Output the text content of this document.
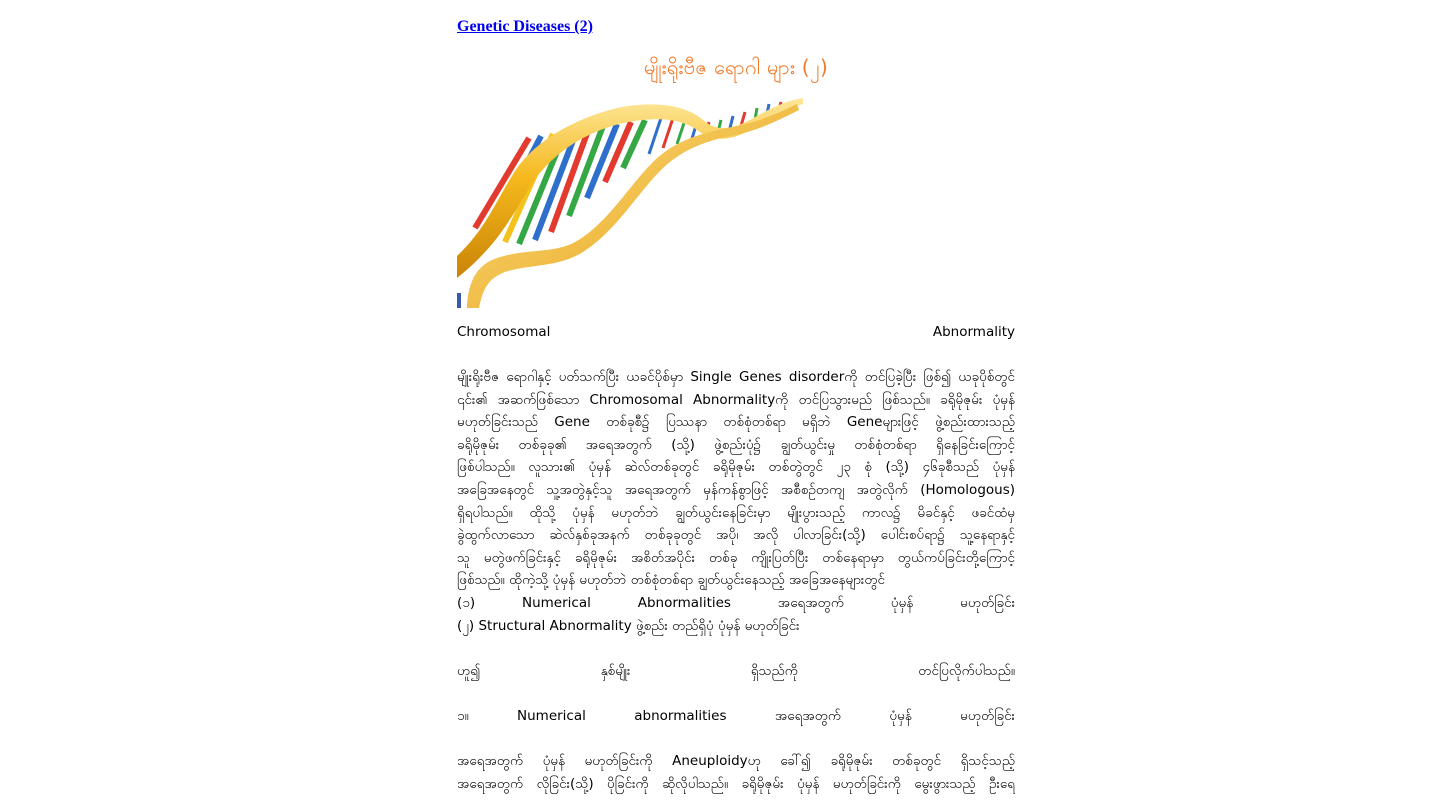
Genetic Diseases (2)
မျိုးရိုးဗီဇ ရောဂါ များ (၂)
Chromosomal	Abnormality
မျိုးရိုးဗီဇ ရောဂါနှင့် ပတ်သက်ပြီး ယခင်ပိုစ်မှာ Single Genes disorderကို တင်ပြခဲ့ပြီး ဖြစ်၍ ယခုပိုစ်တွင်
၎င်း၏ အဆက်ဖြစ်သော Chromosomal Abnormalityကို တင်ပြသွားမည် ဖြစ်သည်။ ခရိုမိုဇုမ်း ပုံမှန်
မဟုတ်ခြင်းသည် Gene တစ်ခုစီ၌ ပြဿနာ တစ်စုံတစ်ရာ မရှိဘဲ Geneများဖြင့် ဖွဲ့စည်းထားသည့်
ခရိုမိုဇုမ်း တစ်ခုခု၏ အရေအတွက် (သို့) ဖွဲ့စည်းပုံ၌ ချွတ်ယွင်းမှု တစ်စုံတစ်ရာ ရှိနေခြင်းကြောင့်
ဖြစ်ပါသည်။ လူသား၏ ပုံမှန် ဆဲလ်တစ်ခုတွင် ခရိုမိုဇုမ်း တစ်တွဲတွင် ၂၃ စုံ (သို့) ၄၆ခုစီသည် ပုံမှန်
အခြေအနေတွင် သူ့အတွဲနှင့်သူ အရေအတွက် မှန်ကန်စွာဖြင့် အစီစဉ်တကျ အတွဲလိုက် (Homologous)
ရှိရပါသည်။ ထိုသို့ ပုံမှန် မဟုတ်ဘဲ ချွတ်ယွင်းနေခြင်းမှာ မျိုးပွားသည့် ကာလ၌ မိခင်နှင့် ဖခင်ထံမှ
ခွဲထွက်လာသော ဆဲလ်နှစ်ခုအနက် တစ်ခုခုတွင် အပို၊ အလို ပါလာခြင်း(သို့) ပေါင်းစပ်ရာ၌ သူ့နေရာနှင့်
သူ မတွဲဖက်ခြင်းနှင့် ခရိုမိုဇုမ်း အစိတ်အပိုင်း တစ်ခု ကျိုးပြတ်ပြီး တစ်နေရာမှာ တွယ်ကပ်ခြင်းတို့ကြောင့်
ဖြစ်သည်။ ထိုကဲ့သို့ ပုံမှန် မဟုတ်ဘဲ တစ်စုံတစ်ရာ ချွတ်ယွင်းနေသည့် အခြေအနေများတွင်
(၁) Numerical Abnormalities အရေအတွက် ပုံမှန် မဟုတ်ခြင်း
(၂) Structural Abnormality ဖွဲ့စည်း တည်ရှိပုံ ပုံမှန် မဟုတ်ခြင်း
ဟူ၍ နှစ်မျိုး ရှိသည်ကို တင်ပြလိုက်ပါသည်။
၁။ Numerical abnormalities အရေအတွက် ပုံမှန် မဟုတ်ခြင်း
အရေအတွက် ပုံမှန် မဟုတ်ခြင်းကို Aneuploidyဟု ခေါ်၍ ခရိုမိုဇုမ်း တစ်ခုတွင် ရှိသင့်သည့်
အရေအတွက် လိုခြင်း(သို့) ပိုခြင်းကို ဆိုလိုပါသည်။ ခရိုမိုဇုမ်း ပုံမှန် မဟုတ်ခြင်းကို မွေးဖွားသည့် ဦးရေ
